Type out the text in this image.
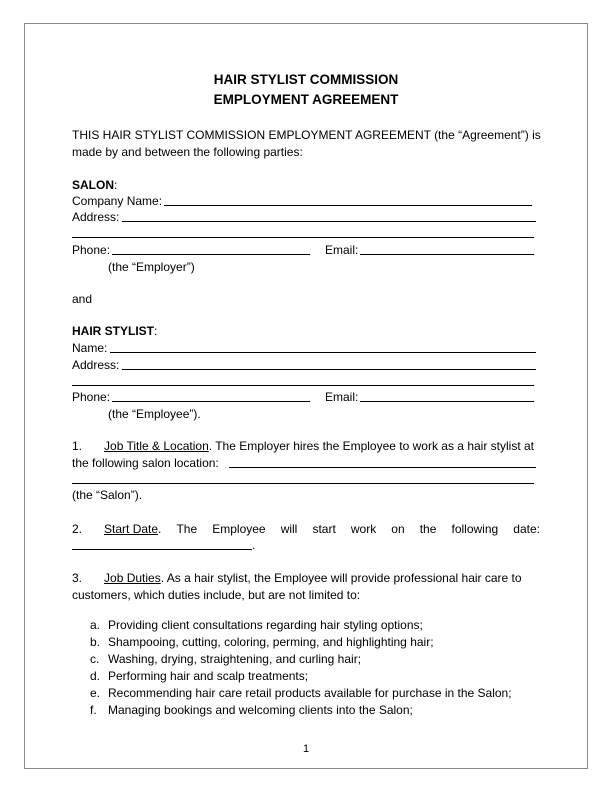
HAIR STYLIST COMMISSION
EMPLOYMENT AGREEMENT
THIS HAIR STYLIST COMMISSION EMPLOYMENT AGREEMENT (the “Agreement”) is
made by and between the following parties:
SALON:
Company Name:
Address:
Phone:	Email:
(the “Employer”)
and
HAIR STYLIST:
Name:
Address:
Phone:	Email:
(the “Employee”).
1. Job Title & Location. The Employer hires the Employee to work as a hair stylist at
the following salon location:
(the “Salon”).
2. Start Date. The Employee will start work on the following date:
.
3. Job Duties. As a hair stylist, the Employee will provide professional hair care to
customers, which duties include, but are not limited to:
a. Providing client consultations regarding hair styling options;
b. Shampooing, cutting, coloring, perming, and highlighting hair;
c. Washing, drying, straightening, and curling hair;
d. Performing hair and scalp treatments;
e. Recommending hair care retail products available for purchase in the Salon;
f. Managing bookings and welcoming clients into the Salon;
1
